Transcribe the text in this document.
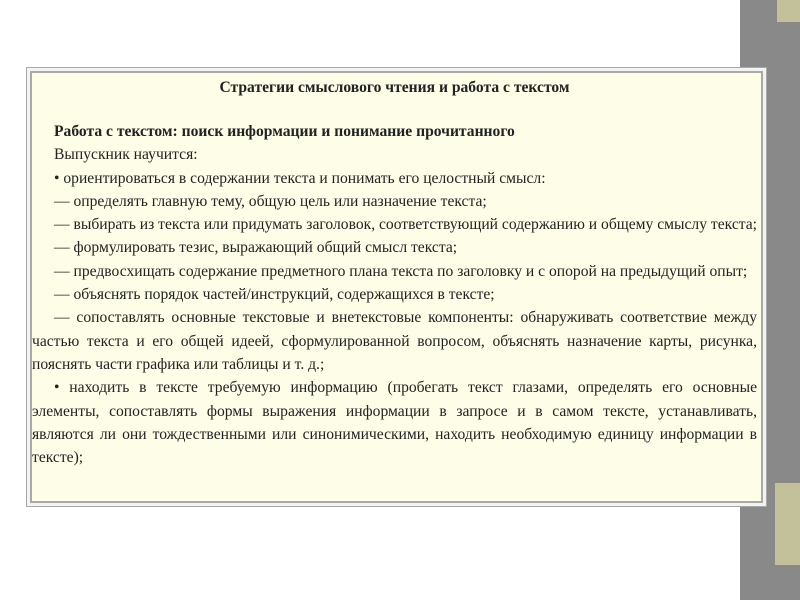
Стратегии смыслового чтения и работа с текстом

Работа с текстом: поиск информации и понимание прочитанного

Выпускник научится:

• ориентироваться в содержании текста и понимать его целостный смысл:

— определять главную тему, общую цель или назначение текста;

— выбирать из текста или придумать заголовок, соответствующий содержанию и общему смыслу текста;

— формулировать тезис, выражающий общий смысл текста;

— предвосхищать содержание предметного плана текста по заголовку и с опорой на предыдущий опыт;

— объяснять порядок частей/инструкций, содержащихся в тексте;

— сопоставлять основные текстовые и внетекстовые компоненты: обнаруживать соответствие между частью текста и его общей идеей, сформулированной вопросом, объяснять назначение карты, рисунка, пояснять части графика или таблицы и т. д.;

• находить в тексте требуемую информацию (пробегать текст глазами, определять его основные элементы, сопоставлять формы выражения информации в запросе и в самом тексте, устанавливать, являются ли они тождественными или синонимическими, находить необходимую единицу информации в тексте);
